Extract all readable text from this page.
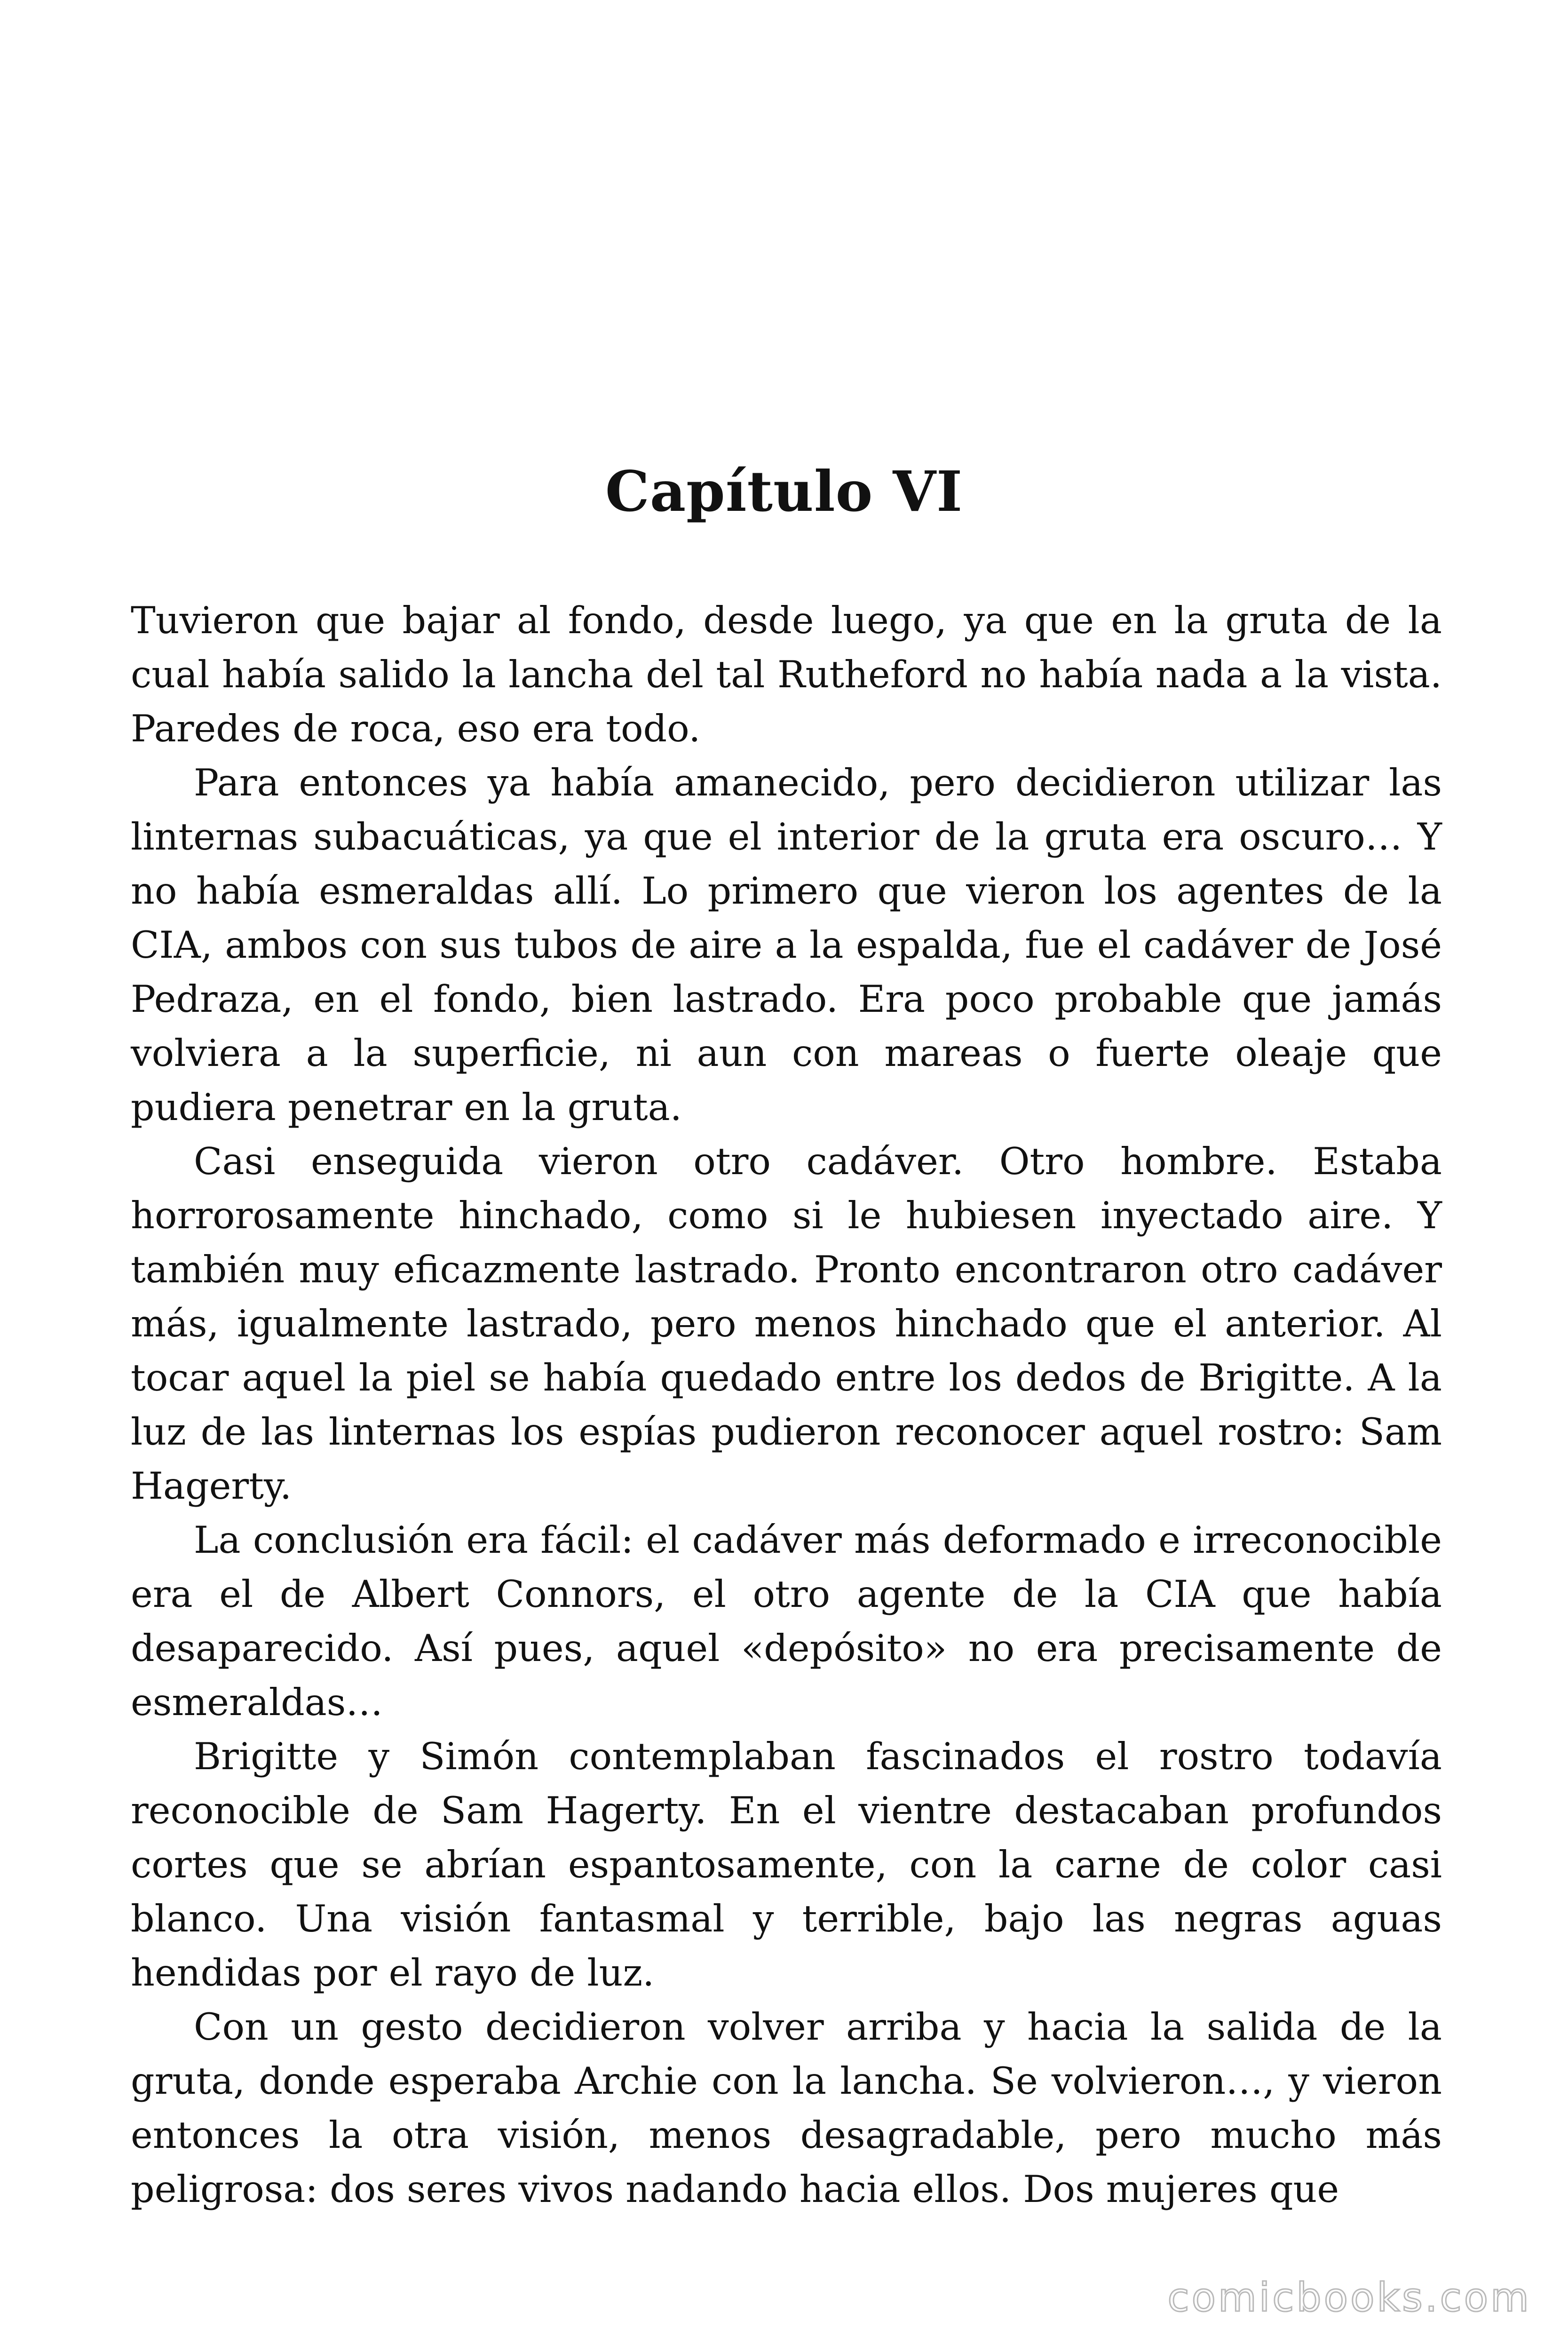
Capítulo VI

Tuvieron que bajar al fondo, desde luego, ya que en la gruta de la cual había salido la lancha del tal Rutheford no había nada a la vista. Paredes de roca, eso era todo.

Para entonces ya había amanecido, pero decidieron utilizar las linternas subacuáticas, ya que el interior de la gruta era oscuro… Y no había esmeraldas allí. Lo primero que vieron los agentes de la CIA, ambos con sus tubos de aire a la espalda, fue el cadáver de José Pedraza, en el fondo, bien lastrado. Era poco probable que jamás volviera a la superficie, ni aun con mareas o fuerte oleaje que pudiera penetrar en la gruta.

Casi enseguida vieron otro cadáver. Otro hombre. Estaba horrorosamente hinchado, como si le hubiesen inyectado aire. Y también muy eficazmente lastrado. Pronto encontraron otro cadáver más, igualmente lastrado, pero menos hinchado que el anterior. Al tocar aquel la piel se había quedado entre los dedos de Brigitte. A la luz de las linternas los espías pudieron reconocer aquel rostro: Sam Hagerty.

La conclusión era fácil: el cadáver más deformado e irreconocible era el de Albert Connors, el otro agente de la CIA que había desaparecido. Así pues, aquel «depósito» no era precisamente de esmeraldas…

Brigitte y Simón contemplaban fascinados el rostro todavía reconocible de Sam Hagerty. En el vientre destacaban profundos cortes que se abrían espantosamente, con la carne de color casi blanco. Una visión fantasmal y terrible, bajo las negras aguas hendidas por el rayo de luz.

Con un gesto decidieron volver arriba y hacia la salida de la gruta, donde esperaba Archie con la lancha. Se volvieron…, y vieron entonces la otra visión, menos desagradable, pero mucho más peligrosa: dos seres vivos nadando hacia ellos. Dos mujeres que

comicbooks.com
